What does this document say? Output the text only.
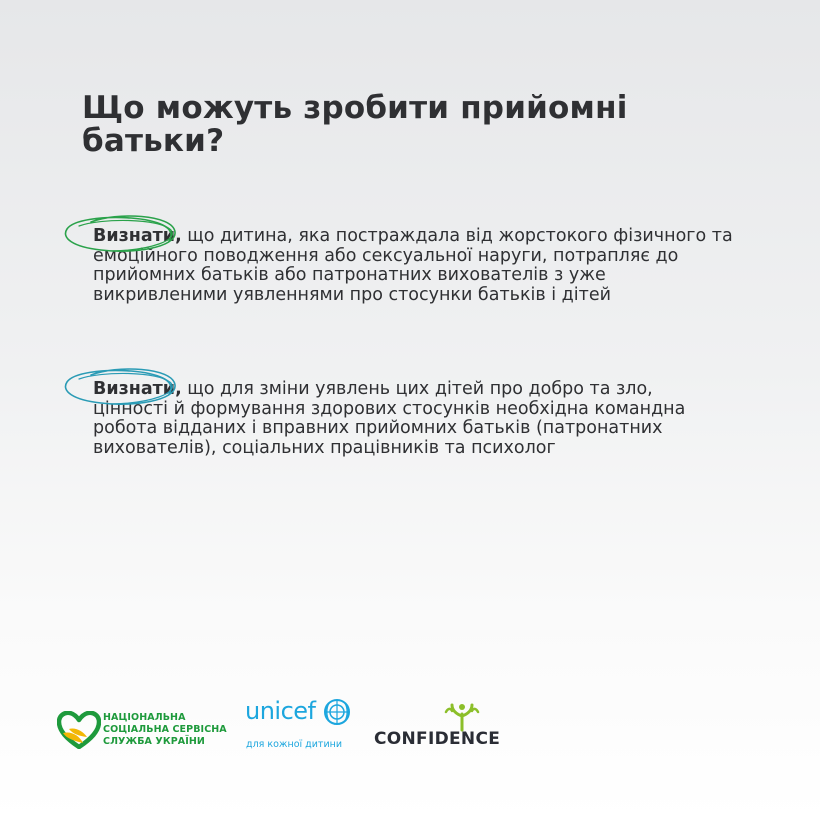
Що можуть зробити прийомні батьки?
Визнати, що дитина, яка постраждала від жорстокого фізичного та емоційного поводження або сексуальної наруги, потрапляє до прийомних батьків або патронатних вихователів з уже викривленими уявленнями про стосунки батьків і дітей
Визнати, що для зміни уявлень цих дітей про добро та зло, цінності й формування здорових стосунків необхідна командна робота відданих і вправних прийомних батьків (патронатних вихователів), соціальних працівників та психолог
НАЦІОНАЛЬНА
СОЦІАЛЬНА СЕРВІСНА
СЛУЖБА УКРАЇНИ
unicef
для кожної дитини CONFIDENCE
